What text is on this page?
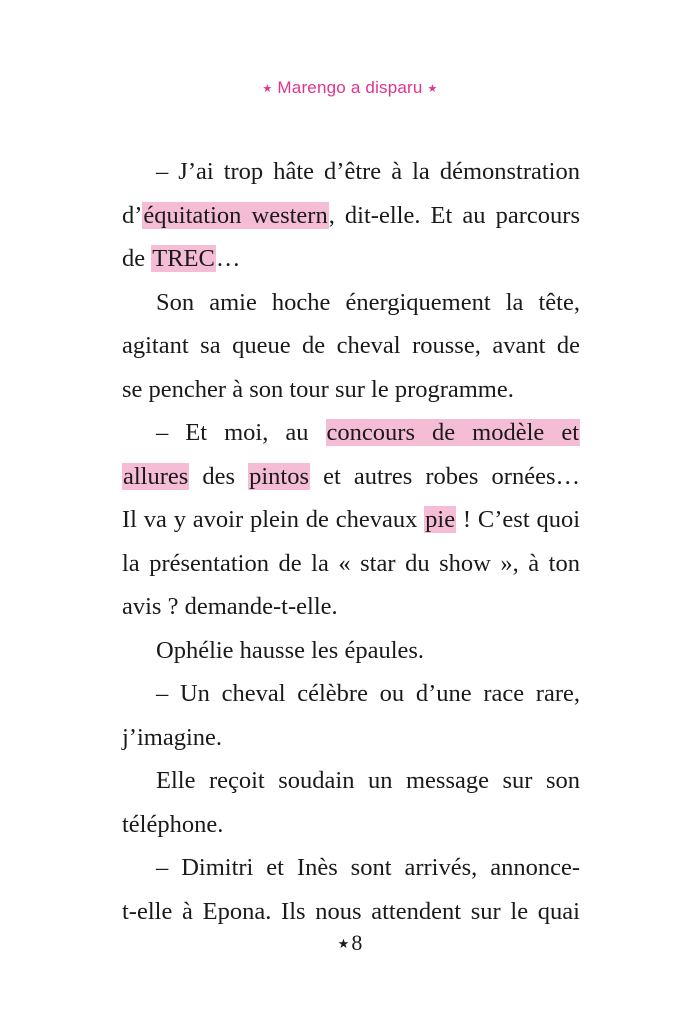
★ Marengo a disparu ★
– J’ai trop hâte d’être à la démonstration
d’équitation western, dit-elle. Et au parcours
de TREC…
Son amie hoche énergiquement la tête,
agitant sa queue de cheval rousse, avant de
se pencher à son tour sur le programme.
– Et moi, au concours de modèle et
allures des pintos et autres robes ornées…
Il va y avoir plein de chevaux pie ! C’est quoi
la présentation de la « star du show », à ton
avis ? demande-t-elle.
Ophélie hausse les épaules.
– Un cheval célèbre ou d’une race rare,
j’imagine.
Elle reçoit soudain un message sur son
téléphone.
– Dimitri et Inès sont arrivés, annonce-
t-elle à Epona. Ils nous attendent sur le quai
★8
